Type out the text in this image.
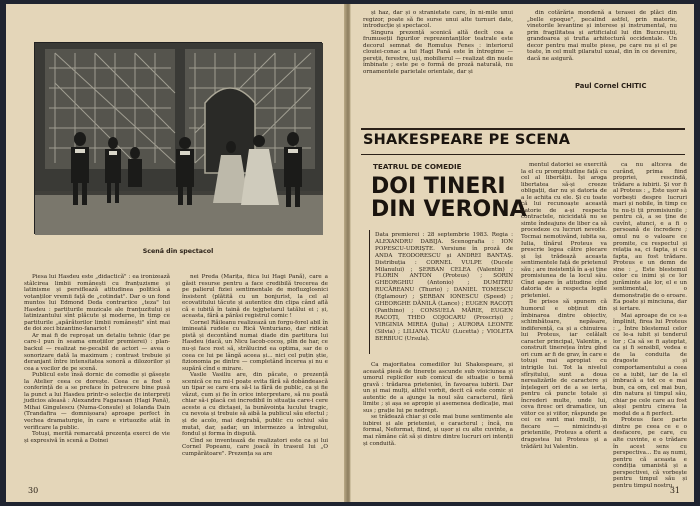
Scenă din spectacol

Piesa lui Hasdeu este „didactică" : ea ironizează stâlcirea limbii românești cu franțuzisme și latinisme și persiflează atitudinea politică a votanților vremii față de „cotindat". Dar o un fond muntos lui Edmond Deda contrariice „teza" lui Hasdeu : partiturile muzicale ale franțuzitului și latinizantului sînt plăcute și moderne, în timp ce partiturile „apărătorilor limbii românești" sînt mai de doi zeci bizantino-fanariot !

Ar mai fi de reproșat un detaliu tehnic (dar pe care-l pun în seama emoțiilor premierei) : plan-backul — realizat ne-pecabil de actori — avea o sonorizare dată la maximum ; contrast trebuie și deranjant între intensitatea sonoră a dilozorilor și cea a vocilor de pe scenă.

Publicul este însă dornic de comedie și găsește la Atelier ceea ce dorește. Ceea ce a fost o conferință de a se preface în petrecere bine pusă la punct a lui Hasdeu printr-o selecție de interpreți judicios aleasă : Alexandru Fagarasan (Hagi Pană), Mihai Gingulescu (Numa-Consule) și Iolanda Dain (Trandafira — domnișoara) aproape perfect în vechea dramaturgie, în care e virtuozite atât în verificare la public.

Totuși, merită remarcată prezența exerci de vie și expresivă în scenă a Doinei

nei Preda (Marița, fiica lui Hagi Pană), care a găsit resurse pentru a face credibilă trecerea de pe palierul fiziei sentimentale de mofluzglosnici însistent (plătită cu un bonjurist, la cel al ecovatitului tăcute și autentice din clipa când află că e iubită în taină de tejghetarul tatălui ei ; și, aceasta, fără a părăsi registrul comic !

Cornel Răileanu realizează un forgu-forel abil în imineată rudele cu Rică Venturiano, dar ridicat pistă și decontând numai diade din partitura lui Hasdeu (dacă, un Nicu Iacob-cocoș, plin de har, ce nu-și face rost să, strălucind ea optima, sar de o ceea ce lui pe lângă aceea și... nici cel puțin știe, fizionomia pe dintre — completând încerea și nu e supără cînd e mirare.

Vasile Vasiliu are, din păcate, o prezență scenică ce nu mi-l poate evita fără să dobândească un tipar se care era să-l ia fără de public, ca și fie văzut, cum și fie în orice interpretare, să nu poată chiar să-i placă cei incredibil în situația care-i cere aceste a cu dictașei, la bunăvoința lucului tragic, cu nevoia și trebuie să aibă la publicul său efectul ; și de acolo, mai degrabă, public cu ochiul său mutat, dar, șadar, un intermezzo a întregului, fondul și forma în dispută.

Cînd se inventează de realizatori este ca și lui Cornel Popeanu, care joacă în traseul lui „O cumpărătoare". Prezența sa are

30

și haz, dar și o stranietate care, în ni-mile unui regizor, poate să fie surse unui alte turnuri date, introducție și spectacol.

Singura prezență scenică altă decît cea a frumuseții figurilor reprezentanților teatrale este decorul semnat de Romulus Fenes : interiorul clouiei-conac a lui Hagi Pană este în întregime — pereții, ferestre, uși, mobilierul — realizat din nuele îmbinate ; este pe o formă de proză naturală, nu ornamentele parietale orientale, dar și

din cotărăria mondenă a terasei de plăci din „belle epoque", pecalind astfel, prin materie, vinetorile levantine și interese și instrumental, nu prin fragilitatea și artificialul lui din Bucureștii, grandoarea și trufia arhitectură occidentale. Un decor pentru mai multe piese, pe care nu și el pe toate, în cel mult pilaratul uzual, din în ce devenire, dacă ne asigură.

Paul Cornel CHITIC
SHAKESPEARE PE SCENA
TEATRUL DE COMEDIE
DOI TINERI
DIN VERONA
Data premierei : 28 septembrie 1983. Regia : ALEXANDRU DABIJA. Scenografia : ION POPESCU-UDRIȘTE. Versiune în proză de ANDA TEODORESCU și ANDREI BANTAȘ. Distribuția : CORNEL VULPE (Ducele Milanului) ; ȘERBAN CELEA (Valentin) ; FLORIN ANTON (Proteus) ; SORIN GHEORGHIU (Antonio) ; DUMITRU RUCĂREANU (Thurio) ; DANIEL TOMESCU (Eglamour) ; ȘERBAN IONESCU (Speed) ; GHEORGHE DĂNILĂ (Lance) ; EUGEN RACOȚI (Panthino) ; CONSUELA MĂRIE, EUGEN RACOȚI, THEO COJOCARU (Proscriși) ; VIRGINIA MIREA (Julia) ; AURORA LEONTE (Silvia) ; LILIANA TICĂU (Lucetta) ; VIOLETA BERBIUC (Ursula).

Ca majoritatea comediilor lui Shakespeare, și această piesă de tinerețe ascunde sub vioiciunea și umorul replicilor sub comicul de situație o temă gravă : trădarea prieteniei, în favoarea iubirii. Dar un și mai mulți, altfel vorbit, decit că este comic și autentic de a ajunge la noul său caracterul, fără limite ; și așa se apropie și asemenea dedicație, mai sus ; grație lui pe nedrept.

se trădează chiar și cele mai bune sentimente ale iubirei și ale prieteniei, e caracterul ; încă, nu formal, Neformat, fiind, și ușor și cu alte cuvinte, a mai rămâne cât să și dintre dintre lucruri ori intenții și conduită.

mentul datoriei se exercită la el cu promptitudine față cu cel al libertății. Își aroga libertatea să-și creeze obligații, dar nu și datoria de a le achita cu ele. Și cu toate că lui recunoaște această datorie de a-și respecta contractele, nicicidată nu se simte îndeajuns de liber ca să procedeze cu lucruri nevoite. Tocmai nemotivând, iubita sa, Iulia, tînărul Proteus va prescrie legea către plecare și își trădează aceasta sentimentele față de prietenul său ; are insistență în a-și ține promisiunea de la locul său. Cînd apare în atitudine cînd datoria de a respecta legile prieteniei.

De prisos să spunem că humorul e obținut din îmbinarea dintre obiectiv, schimbătoare, nepăsare, indiferență, ca și a chinuirea lui Proteus, iar celălalt caracter principal, Valentin, e construit tinerețea întru gînd ori cum ar fi de grav, în care e totuși mai apropiat cu intrigile lui. Tot la nivelul sfîrșitului, sunt a doua nerealizările de caractere și înțelegeri ori de a se ierta, pentru că puncte totale și încrederi multe, unde lui, ceva firesc ori dramatice, un viitor ce și viitor, răspunde pe cei ce sunt mai mulți, în fiecare — nimicindu-și prieteniile, Proteus a oferit a dragostea lui Proteus și a trădării lui Valentin.

ca nu altceva de curând, prima fiind propriei, rescindă, trădare a iubirii. Și vor fi al Proteus : „ Este ușor să vorbești despre lucruri mari și nobile, în timp ce tu nu-ți ții promisiunile ; pentru că, a se ține de cuvînt, atunci, e a fi o persoană de încredere ; omul nu o valoare ce promite, cu respectul și relația sa, ci fapta, și cu fapta, au fost trădare. Proteus e un demn de sine : „ Este blestemul celor cu inimi și ce lor jurăminte ale lor, el e un sentimental, o demonstrație de o eroare. Ea poate și minciuna, dar și iertare.

Mai aproape de ce s-a împlinit, firea lui Proteus : „ Între blestemul celor ce le-a iubit și tenderul lor ; Ca să se fi așteptat, ca și fi sensibil, vedea e de la conduita de dragoste și comportamentului a ceea ce a iubit, iar de la el îmbracă a tot ce e mai bun, ca om, cel mai bun, din natura și timpul său, chiar pe cele care au fost aleși pentru cineva la modul de a fi perfect.

Proteus face parte dintre pe ceea ce e o desfacere, pe care, cu alte cuvinte, e o trădare în acest sens cu perspectiva... Eu aș numi, pentru că aceasta e condiția umanistă și a perspectivei, că vorbește pentru timpul său și pentru timpul nostru.

31
